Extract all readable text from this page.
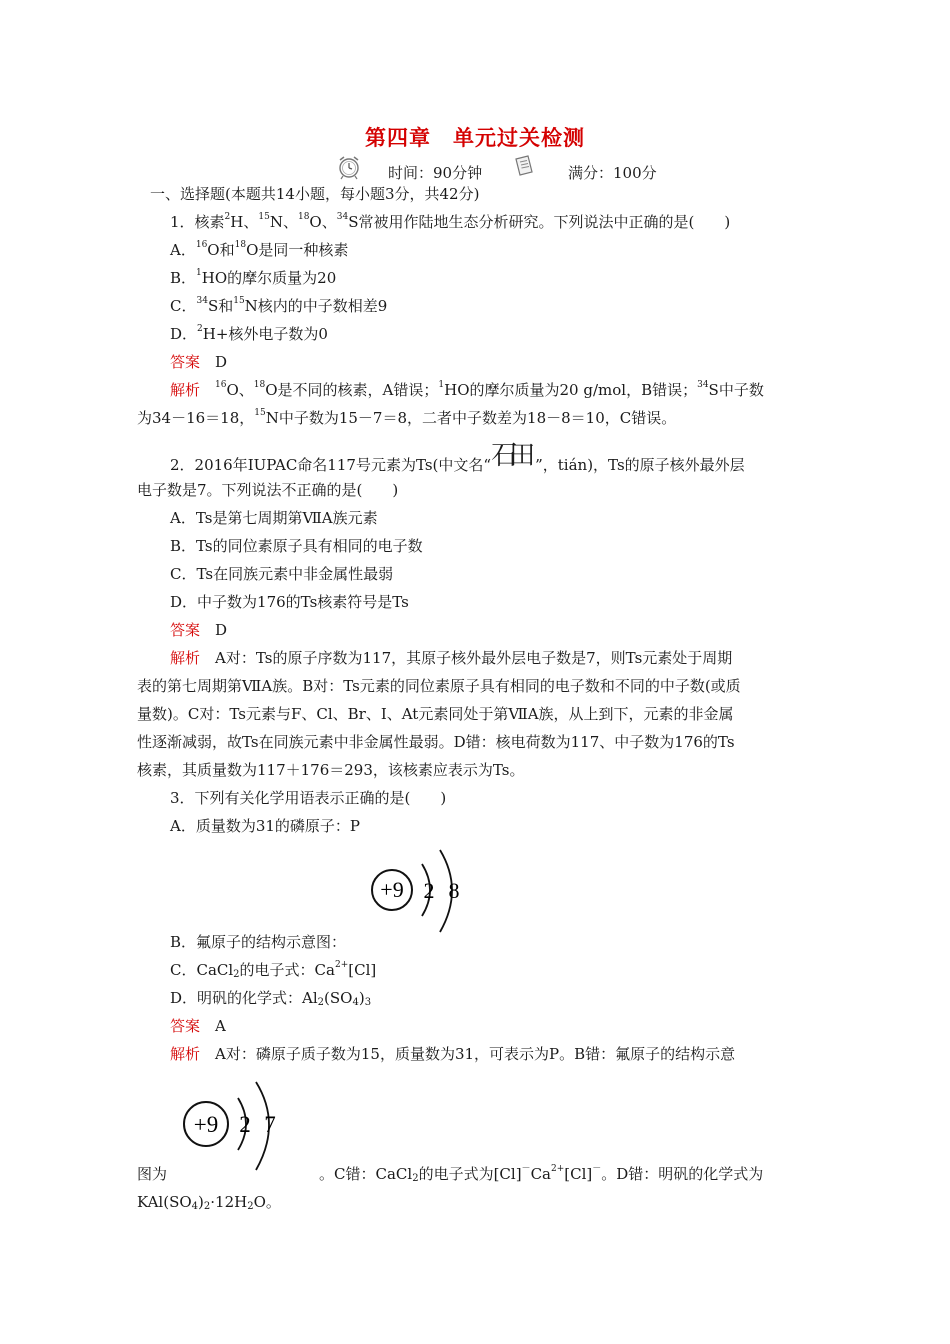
第四章　单元过关检测
时间：90分钟	满分：100分
一、选择题(本题共14小题，每小题3分，共42分)
1．核素$^2$H、$^{15}$N、$^{18}$O、$^{34}$S常被用作陆地生态分析研究。下列说法中正确的是(　　)
A．$^{16}$O和$^{18}$O是同一种核素
B．$^1$HO的摩尔质量为20
C．$^{34}$S和$^{15}$N核内的中子数相差9
D．$^2$H+核外电子数为0
答案　 D
解析　 $^{16}$O、$^{18}$O是不同的核素，A错误；$^1$HO的摩尔质量为20 g/mol，B错误；$^{34}$S中子数
为34－16＝18，$^{15}$N中子数为15－7＝8，二者中子数差为18－8＝10，C错误。
2．2016年IUPAC命名117号元素为Ts(中文名“石田 ”，tián)，Ts的原子核外最外层
电子数是7。下列说法不正确的是(　　)
A．Ts是第七周期第ⅦA族元素
B．Ts的同位素原子具有相同的电子数
C．Ts在同族元素中非金属性最弱
D．中子数为176的Ts核素符号是Ts
答案　 D
解析　 A对：Ts的原子序数为117，其原子核外最外层电子数是7，则Ts元素处于周期
表的第七周期第ⅦA族。B对：Ts元素的同位素原子具有相同的电子数和不同的中子数(或质
量数)。C对：Ts元素与F、Cl、Br、I、At元素同处于第ⅦA族，从上到下，元素的非金属
性逐渐减弱，故Ts在同族元素中非金属性最弱。D错：核电荷数为117、中子数为176的Ts
核素，其质量数为117＋176＝293，该核素应表示为Ts。
3．下列有关化学用语表示正确的是(　　)
A．质量数为31的磷原子：P
+9 2 8
B．氟原子的结构示意图：
C．CaCl2的电子式：$Ca^{2+}[Cl]$
D．明矾的化学式：Al2(SO4)3
答案　 A
解析　 A对：磷原子质子数为15，质量数为31，可表示为P。B错：氟原子的结构示意
+9 2 7
图为	。C错：CaCl2的电子式为$[Cl]^-Ca^{2+}[Cl]^-$。D错：明矾的化学式为
KAl(SO4)2·12H2O。
